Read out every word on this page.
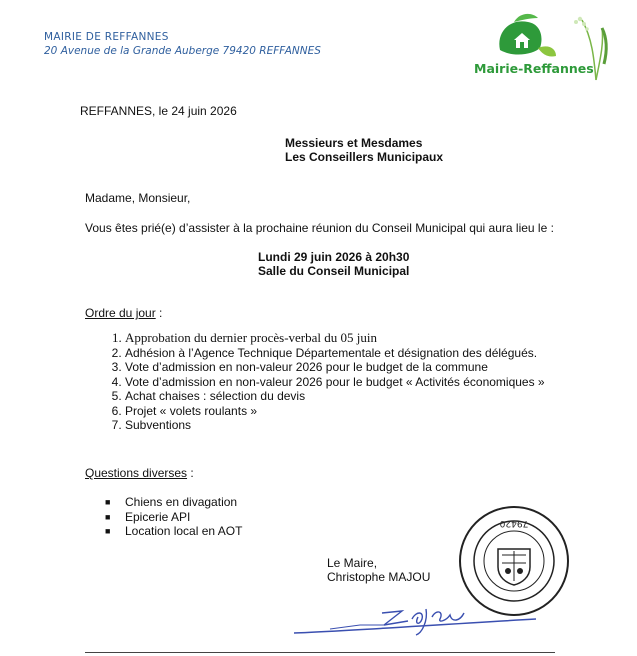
MAIRIE DE REFFANNES
20 Avenue de la Grande Auberge 79420 REFFANNES
Mairie-Reffannes
REFFANNES, le 24 juin 2026
Messieurs et Mesdames
Les Conseillers Municipaux
Madame, Monsieur,
Vous êtes prié(e) d’assister à la prochaine réunion du Conseil Municipal qui aura lieu le :
Lundi 29 juin 2026 à 20h30
Salle du Conseil Municipal
Ordre du jour :
1. Approbation du dernier procès-verbal du 05 juin
2. Adhésion à l’Agence Technique Départementale et désignation des délégués.
3. Vote d’admission en non-valeur 2026 pour le budget de la commune
4. Vote d’admission en non-valeur 2026 pour le budget « Activités économiques »
5. Achat chaises : sélection du devis
6. Projet « volets roulants »
7. Subventions
Questions diverses :
■ Chiens en divagation
■ Epicerie API
■ Location local en AOT
Le Maire,
Christophe MAJOU
79420
